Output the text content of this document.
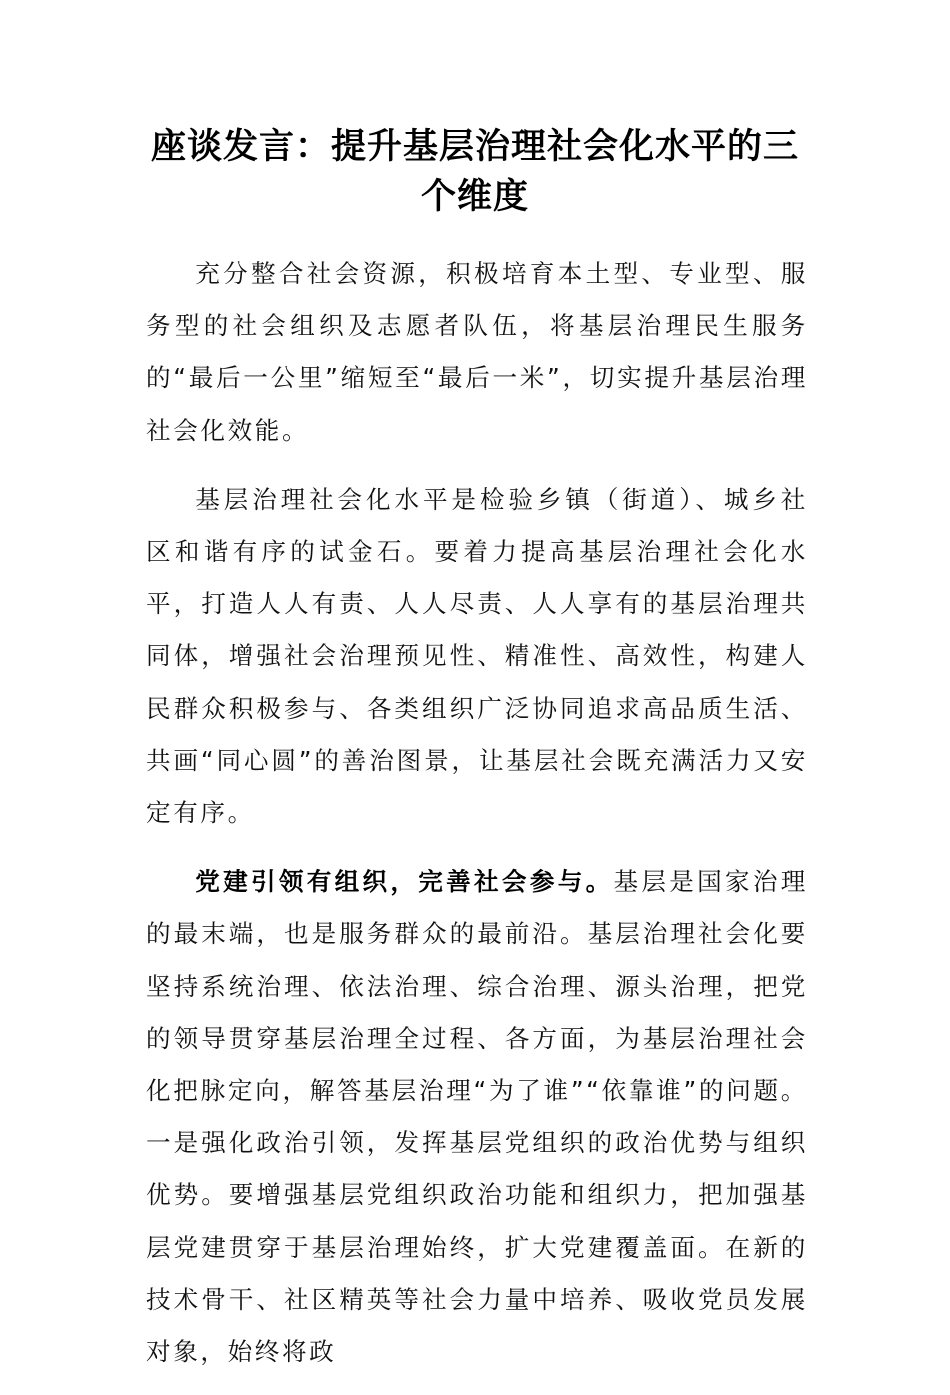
座谈发言：提升基层治理社会化水平的三个维度

充分整合社会资源，积极培育本土型、专业型、服务型的社会组织及志愿者队伍，将基层治理民生服务的“最后一公里”缩短至“最后一米”，切实提升基层治理社会化效能。

基层治理社会化水平是检验乡镇（街道）、城乡社区和谐有序的试金石。要着力提高基层治理社会化水平，打造人人有责、人人尽责、人人享有的基层治理共同体，增强社会治理预见性、精准性、高效性，构建人民群众积极参与、各类组织广泛协同追求高品质生活、共画“同心圆”的善治图景，让基层社会既充满活力又安定有序。

党建引领有组织，完善社会参与。基层是国家治理的最末端，也是服务群众的最前沿。基层治理社会化要坚持系统治理、依法治理、综合治理、源头治理，把党的领导贯穿基层治理全过程、各方面，为基层治理社会化把脉定向，解答基层治理“为了谁”“依靠谁”的问题。一是强化政治引领，发挥基层党组织的政治优势与组织优势。要增强基层党组织政治功能和组织力，把加强基层党建贯穿于基层治理始终，扩大党建覆盖面。在新的技术骨干、社区精英等社会力量中培养、吸收党员发展对象，始终将政
